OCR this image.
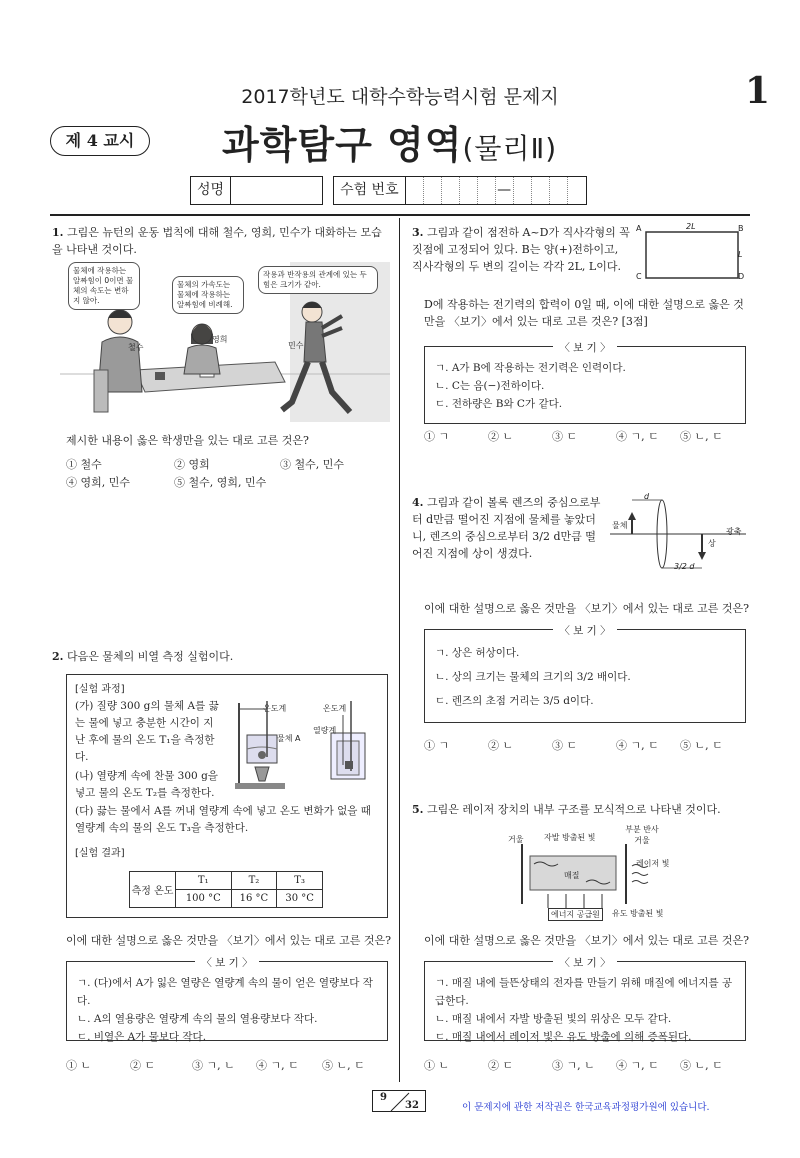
2017학년도 대학수학능력시험 문제지	1
제 4 교시	과학탐구 영역(물리Ⅱ)
성명	수험 번호	—
1. 그림은 뉴턴의 운동 법칙에 대해 철수, 영희, 민수가 대화하는 모습을 나타낸 것이다.
물체에 작용하는 알짜힘이 0이면 물체의 속도는 변하지 않아.
물체의 가속도는 물체에 작용하는 알짜힘에 비례해.
작용과 반작용의 관계에 있는 두 힘은 크기가 같아.
철수
영희
민수
제시한 내용이 옳은 학생만을 있는 대로 고른 것은?
① 철수	② 영희	③ 철수, 민수
④ 영희, 민수	⑤ 철수, 영희, 민수
2. 다음은 물체의 비열 측정 실험이다.
[실험 과정]
(가) 질량 300 g의 물체 A를 끓는 물에 넣고 충분한 시간이 지난 후에 물의 온도 T₁을 측정한다.
(나) 열량계 속에 찬물 300 g을 넣고 물의 온도 T₂를 측정한다.
(다) 끓는 물에서 A를 꺼내 열량계 속에 넣고 온도 변화가 없을 때 열량계 속의 물의 온도 T₃을 측정한다.
온도계	온도계
열량계
물체 A
[실험 결과]
측정 온도	T₁	T₂	T₃
	100 °C	16 °C	30 °C
이에 대한 설명으로 옳은 것만을 〈보기〉에서 있는 대로 고른 것은?
〈 보 기 〉
ㄱ. (다)에서 A가 잃은 열량은 열량계 속의 물이 얻은 열량보다 작다.
ㄴ. A의 열용량은 열량계 속의 물의 열용량보다 작다.
ㄷ. 비열은 A가 물보다 작다.
① ㄴ	② ㄷ	③ ㄱ, ㄴ ④ ㄱ, ㄷ ⑤ ㄴ, ㄷ
3. 그림과 같이 점전하 A~D가 직사각형의 꼭짓점에 고정되어 있다. B는 양(+)전하이고, 직사각형의 두 변의 길이는 각각 2L, L이다.
A	B
C	D
2L
L
D에 작용하는 전기력의 합력이 0일 때, 이에 대한 설명으로 옳은 것만을 〈보기〉에서 있는 대로 고른 것은? [3점]
〈 보 기 〉
ㄱ. A가 B에 작용하는 전기력은 인력이다.
ㄴ. C는 음(−)전하이다.
ㄷ. 전하량은 B와 C가 같다.
① ㄱ	② ㄴ	③ ㄷ	④ ㄱ, ㄷ ⑤ ㄴ, ㄷ
4. 그림과 같이 볼록 렌즈의 중심으로부터 d만큼 떨어진 지점에 물체를 놓았더니, 렌즈의 중심으로부터 3/2 d만큼 떨어진 지점에 상이 생겼다.
물체
광축
상
d
3/2 d
이에 대한 설명으로 옳은 것만을 〈보기〉에서 있는 대로 고른 것은?
〈 보 기 〉
ㄱ. 상은 허상이다.
ㄴ. 상의 크기는 물체의 크기의 3/2 배이다.
ㄷ. 렌즈의 초점 거리는 3/5 d이다.
① ㄱ	② ㄴ	③ ㄷ	④ ㄱ, ㄷ ⑤ ㄴ, ㄷ
5. 그림은 레이저 장치의 내부 구조를 모식적으로 나타낸 것이다.
거울	자발 방출된 빛
부분 반사 거울
매질
레이저 빛
에너지 공급원	유도 방출된 빛
이에 대한 설명으로 옳은 것만을 〈보기〉에서 있는 대로 고른 것은?
〈 보 기 〉
ㄱ. 매질 내에 들뜬상태의 전자를 만들기 위해 매질에 에너지를 공급한다.
ㄴ. 매질 내에서 자발 방출된 빛의 위상은 모두 같다.
ㄷ. 매질 내에서 레이저 빛은 유도 방출에 의해 증폭된다.
① ㄴ	② ㄷ	③ ㄱ, ㄴ ④ ㄱ, ㄷ ⑤ ㄴ, ㄷ
9
32	이 문제지에 관한 저작권은 한국교육과정평가원에 있습니다.
